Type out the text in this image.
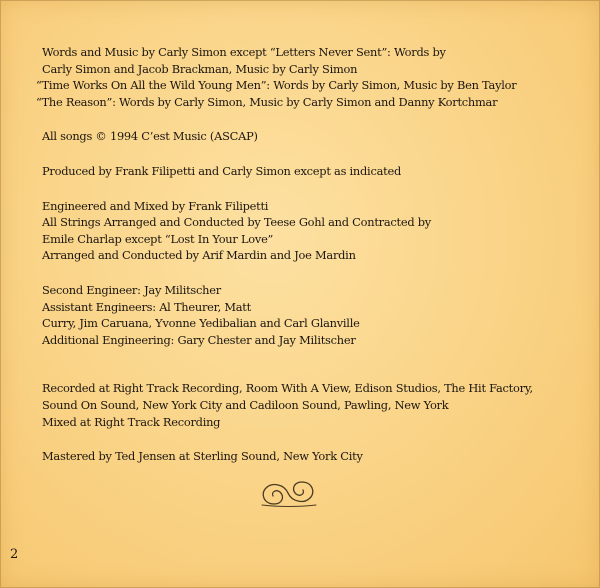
Words and Music by Carly Simon except “Letters Never Sent”: Words by
Carly Simon and Jacob Brackman, Music by Carly Simon
“Time Works On All the Wild Young Men”: Words by Carly Simon, Music by Ben Taylor
“The Reason”: Words by Carly Simon, Music by Carly Simon and Danny Kortchmar
All songs © 1994 C’est Music (ASCAP)
Produced by Frank Filipetti and Carly Simon except as indicated
Engineered and Mixed by Frank Filipetti
All Strings Arranged and Conducted by Teese Gohl and Contracted by
Emile Charlap except “Lost In Your Love”
Arranged and Conducted by Arif Mardin and Joe Mardin
Second Engineer: Jay Militscher
Assistant Engineers: Al Theurer, Matt
Curry, Jim Caruana, Yvonne Yedibalian and Carl Glanville
Additional Engineering: Gary Chester and Jay Militscher
Recorded at Right Track Recording, Room With A View, Edison Studios, The Hit Factory,
Sound On Sound, New York City and Cadiloon Sound, Pawling, New York
Mixed at Right Track Recording
Mastered by Ted Jensen at Sterling Sound, New York City
2
